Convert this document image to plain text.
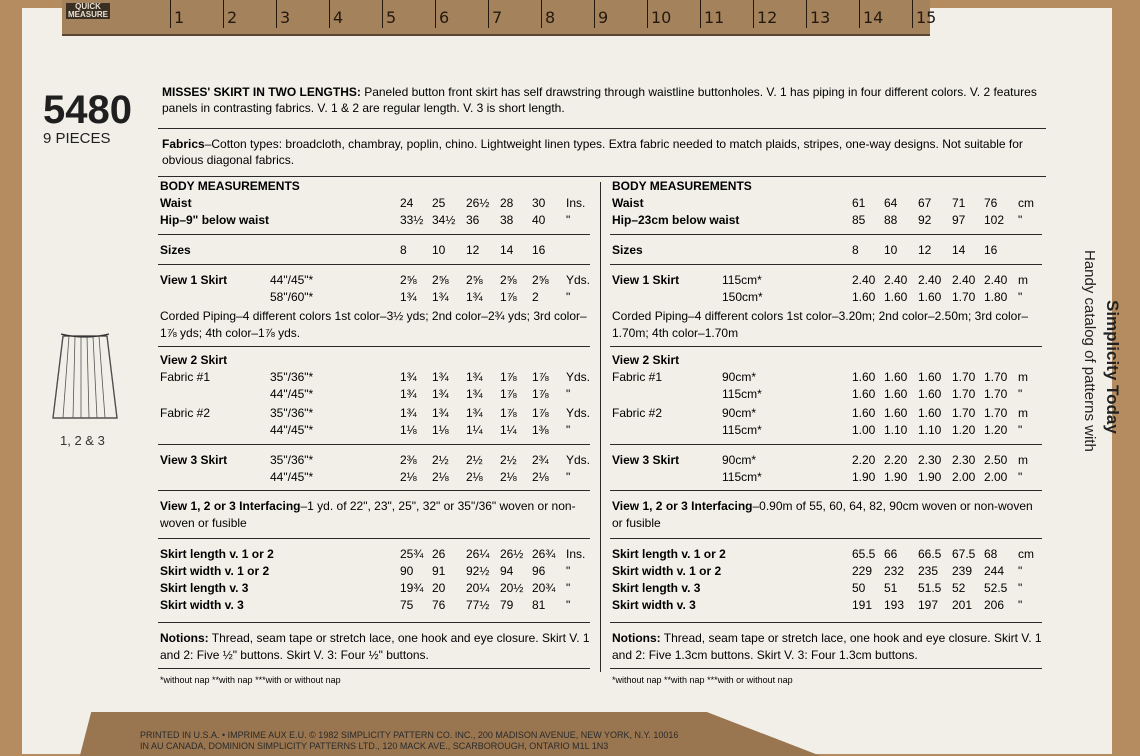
QUICK MEASURE	1	2	3	4	5	6	7	8	9	10 11 12 13 14 15
5480
9 PIECES
1, 2 & 3
Simplicity Today
Handy catalog of patterns with
MISSES' SKIRT IN TWO LENGTHS: Paneled button front skirt has self drawstring through waistline buttonholes. V. 1 has piping in four different colors. V. 2 features panels in contrasting fabrics. V. 1 & 2 are regular length. V. 3 is short length.
Fabrics–Cotton types: broadcloth, chambray, poplin, chino. Lightweight linen types. Extra fabric needed to match plaids, stripes, one-way designs. Not suitable for obvious diagonal fabrics.
BODY MEASUREMENTS
Waist	24 25 26½ 28 30 Ins.
Hip–9" below waist	33½ 34½ 36 38 40 "
Sizes	8 10 12 14 16
View 1 Skirt	44"/45"*	2⅝ 2⅝ 2⅝ 2⅝ 2⅝ Yds.
58"/60"*	1¾ 1¾ 1¾ 1⅞ 2 "
Corded Piping–4 different colors 1st color–3½ yds; 2nd color–2¾ yds; 3rd color–1⅞ yds; 4th color–1⅞ yds.
View 2 Skirt
Fabric #1	35"/36"*	1¾ 1¾ 1¾ 1⅞ 1⅞ Yds.
44"/45"*	1¾ 1¾ 1¾ 1⅞ 1⅞ "
Fabric #2	35"/36"*	1¾ 1¾ 1¾ 1⅞ 1⅞ Yds.
44"/45"*	1⅛ 1⅛ 1¼ 1¼ 1⅜ "
View 3 Skirt	35"/36"*	2⅜ 2½ 2½ 2½ 2¾ Yds.
44"/45"*	2⅛ 2⅛ 2⅛ 2⅛ 2⅛ "
View 1, 2 or 3 Interfacing–1 yd. of 22", 23", 25", 32" or 35"/36" woven or non-woven or fusible
Skirt length v. 1 or 2	25¾ 26 26¼ 26½ 26¾ Ins.
Skirt width v. 1 or 2	90 91 92½ 94 96 "
Skirt length v. 3	19¾ 20 20¼ 20½ 20¾ "
Skirt width v. 3	75 76 77½ 79 81 "
Notions: Thread, seam tape or stretch lace, one hook and eye closure. Skirt V. 1 and 2: Five ½" buttons. Skirt V. 3: Four ½" buttons.
*without nap **with nap ***with or without nap
BODY MEASUREMENTS
Waist	61 64 67 71 76 cm
Hip–23cm below waist	85 88 92 97 102 "
Sizes	8 10 12 14 16
View 1 Skirt	115cm*	2.40 2.40 2.40 2.40 2.40 m
150cm*	1.60 1.60 1.60 1.70 1.80 "
Corded Piping–4 different colors 1st color–3.20m; 2nd color–2.50m; 3rd color–1.70m; 4th color–1.70m
View 2 Skirt
Fabric #1	90cm*	1.60 1.60 1.60 1.70 1.70 m
115cm*	1.60 1.60 1.60 1.70 1.70 "
Fabric #2	90cm*	1.60 1.60 1.60 1.70 1.70 m
115cm*	1.00 1.10 1.10 1.20 1.20 "
View 3 Skirt	90cm*	2.20 2.20 2.30 2.30 2.50 m
115cm*	1.90 1.90 1.90 2.00 2.00 "
View 1, 2 or 3 Interfacing–0.90m of 55, 60, 64, 82, 90cm woven or non-woven or fusible
Skirt length v. 1 or 2	65.5 66 66.5 67.5 68 cm
Skirt width v. 1 or 2	229 232 235 239 244 "
Skirt length v. 3	50 51 51.5 52 52.5 "
Skirt width v. 3	191 193 197 201 206 "
Notions: Thread, seam tape or stretch lace, one hook and eye closure. Skirt V. 1 and 2: Five 1.3cm buttons. Skirt V. 3: Four 1.3cm buttons.
*without nap **with nap ***with or without nap
PRINTED IN U.S.A. • IMPRIME AUX E.U. © 1982 SIMPLICITY PATTERN CO. INC., 200 MADISON AVENUE, NEW YORK, N.Y. 10016
IN AU CANADA, DOMINION SIMPLICITY PATTERNS LTD., 120 MACK AVE., SCARBOROUGH, ONTARIO M1L 1N3
